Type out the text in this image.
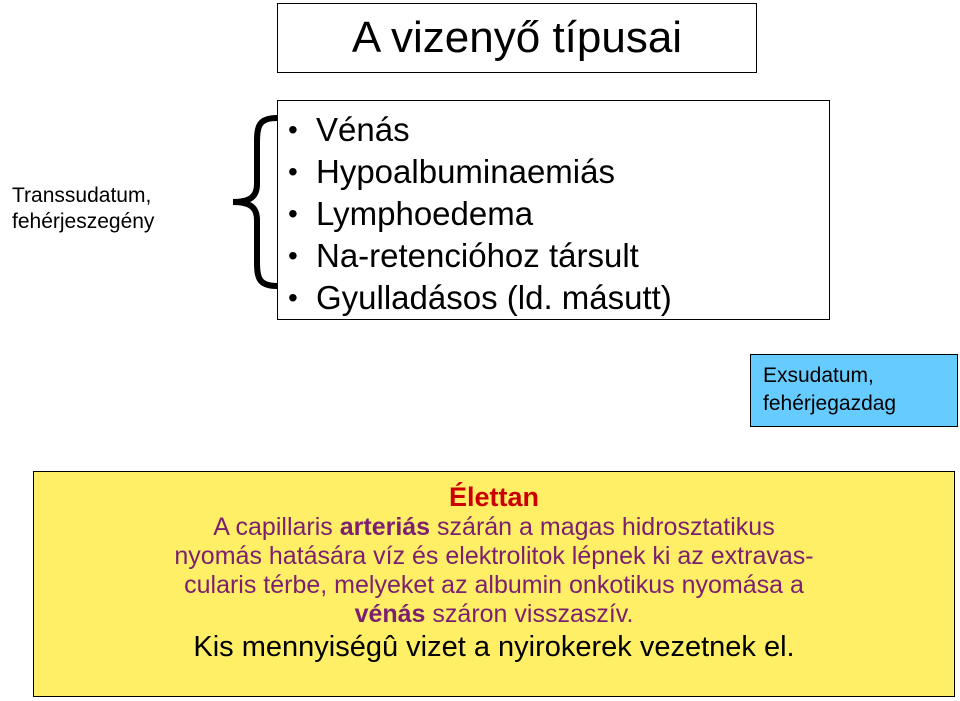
A vizenyő típusai
Transsudatum,
fehérjeszegény
• Vénás
• Hypoalbuminaemiás
• Lymphoedema
• Na-retencióhoz társult
• Gyulladásos (ld. másutt)
Exsudatum,
fehérjegazdag
Élettan
A capillaris arteriás szárán a magas hidrosztatikus
nyomás hatására víz és elektrolitok lépnek ki az extravas-
cularis térbe, melyeket az albumin onkotikus nyomása a
vénás száron visszaszív.
Kis mennyiségû vizet a nyirokerek vezetnek el.
